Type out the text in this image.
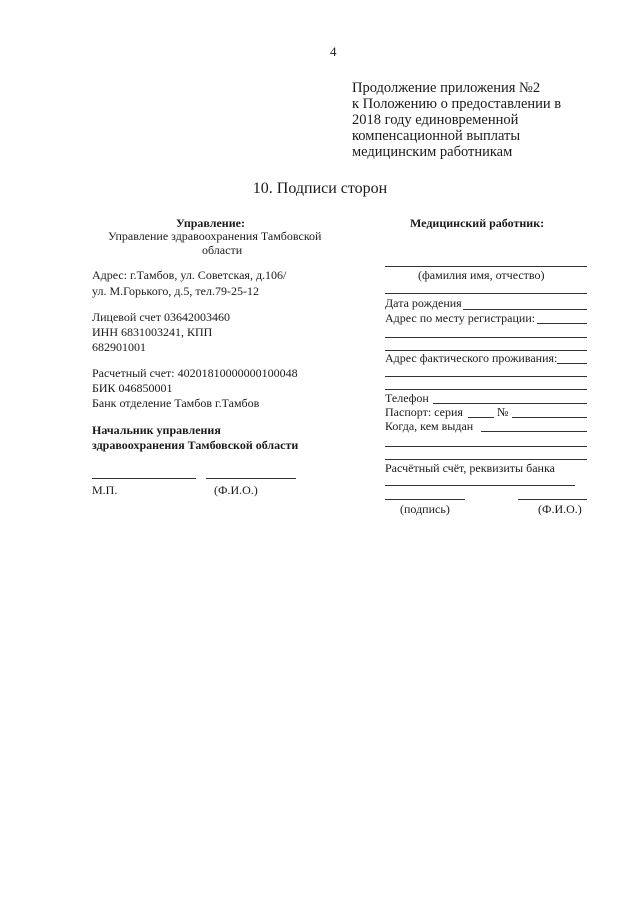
4
Продолжение приложения №2
к Положению о предоставлении в
2018 году единовременной
компенсационной выплаты
медицинским работникам
10. Подписи сторон
Управление:
Управление здравоохранения Тамбовской
области
Адрес: г.Тамбов, ул. Советская, д.106/
ул. М.Горького, д.5, тел.79-25-12
Лицевой счет 03642003460
ИНН 6831003241, КПП
682901001
Расчетный счет: 40201810000000100048
БИК 046850001
Банк отделение Тамбов г.Тамбов
Начальник управления
здравоохранения Тамбовской области
М.П.	(Ф.И.О.)
Медицинский работник:
(фамилия имя, отчество)
Дата рождения
Адрес по месту регистрации:
Адрес фактического проживания:
Телефон
Паспорт: серия	№
Когда, кем выдан
Расчётный счёт, реквизиты банка
(подпись)	(Ф.И.О.)
